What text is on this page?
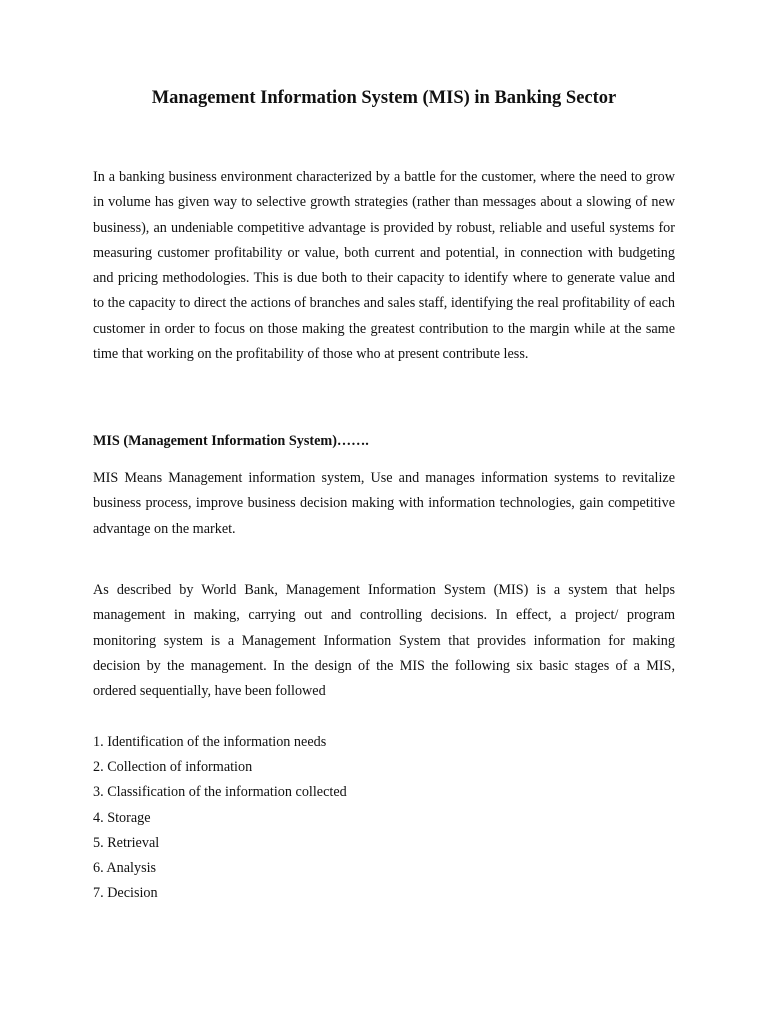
Management Information System (MIS) in Banking Sector

In a banking business environment characterized by a battle for the customer, where the need to grow in volume has given way to selective growth strategies (rather than messages about a slowing of new business), an undeniable competitive advantage is provided by robust, reliable and useful systems for measuring customer profitability or value, both current and potential, in connection with budgeting and pricing methodologies. This is due both to their capacity to identify where to generate value and to the capacity to direct the actions of branches and sales staff, identifying the real profitability of each customer in order to focus on those making the greatest contribution to the margin while at the same time that working on the profitability of those who at present contribute less.

MIS (Management Information System)…….

MIS Means Management information system, Use and manages information systems to revitalize business process, improve business decision making with information technologies, gain competitive advantage on the market.

As described by World Bank, Management Information System (MIS) is a system that helps management in making, carrying out and controlling decisions. In effect, a project/ program monitoring system is a Management Information System that provides information for making decision by the management. In the design of the MIS the following six basic stages of a MIS, ordered sequentially, have been followed

1. Identification of the information needs
2. Collection of information
3. Classification of the information collected
4. Storage
5. Retrieval
6. Analysis
7. Decision
